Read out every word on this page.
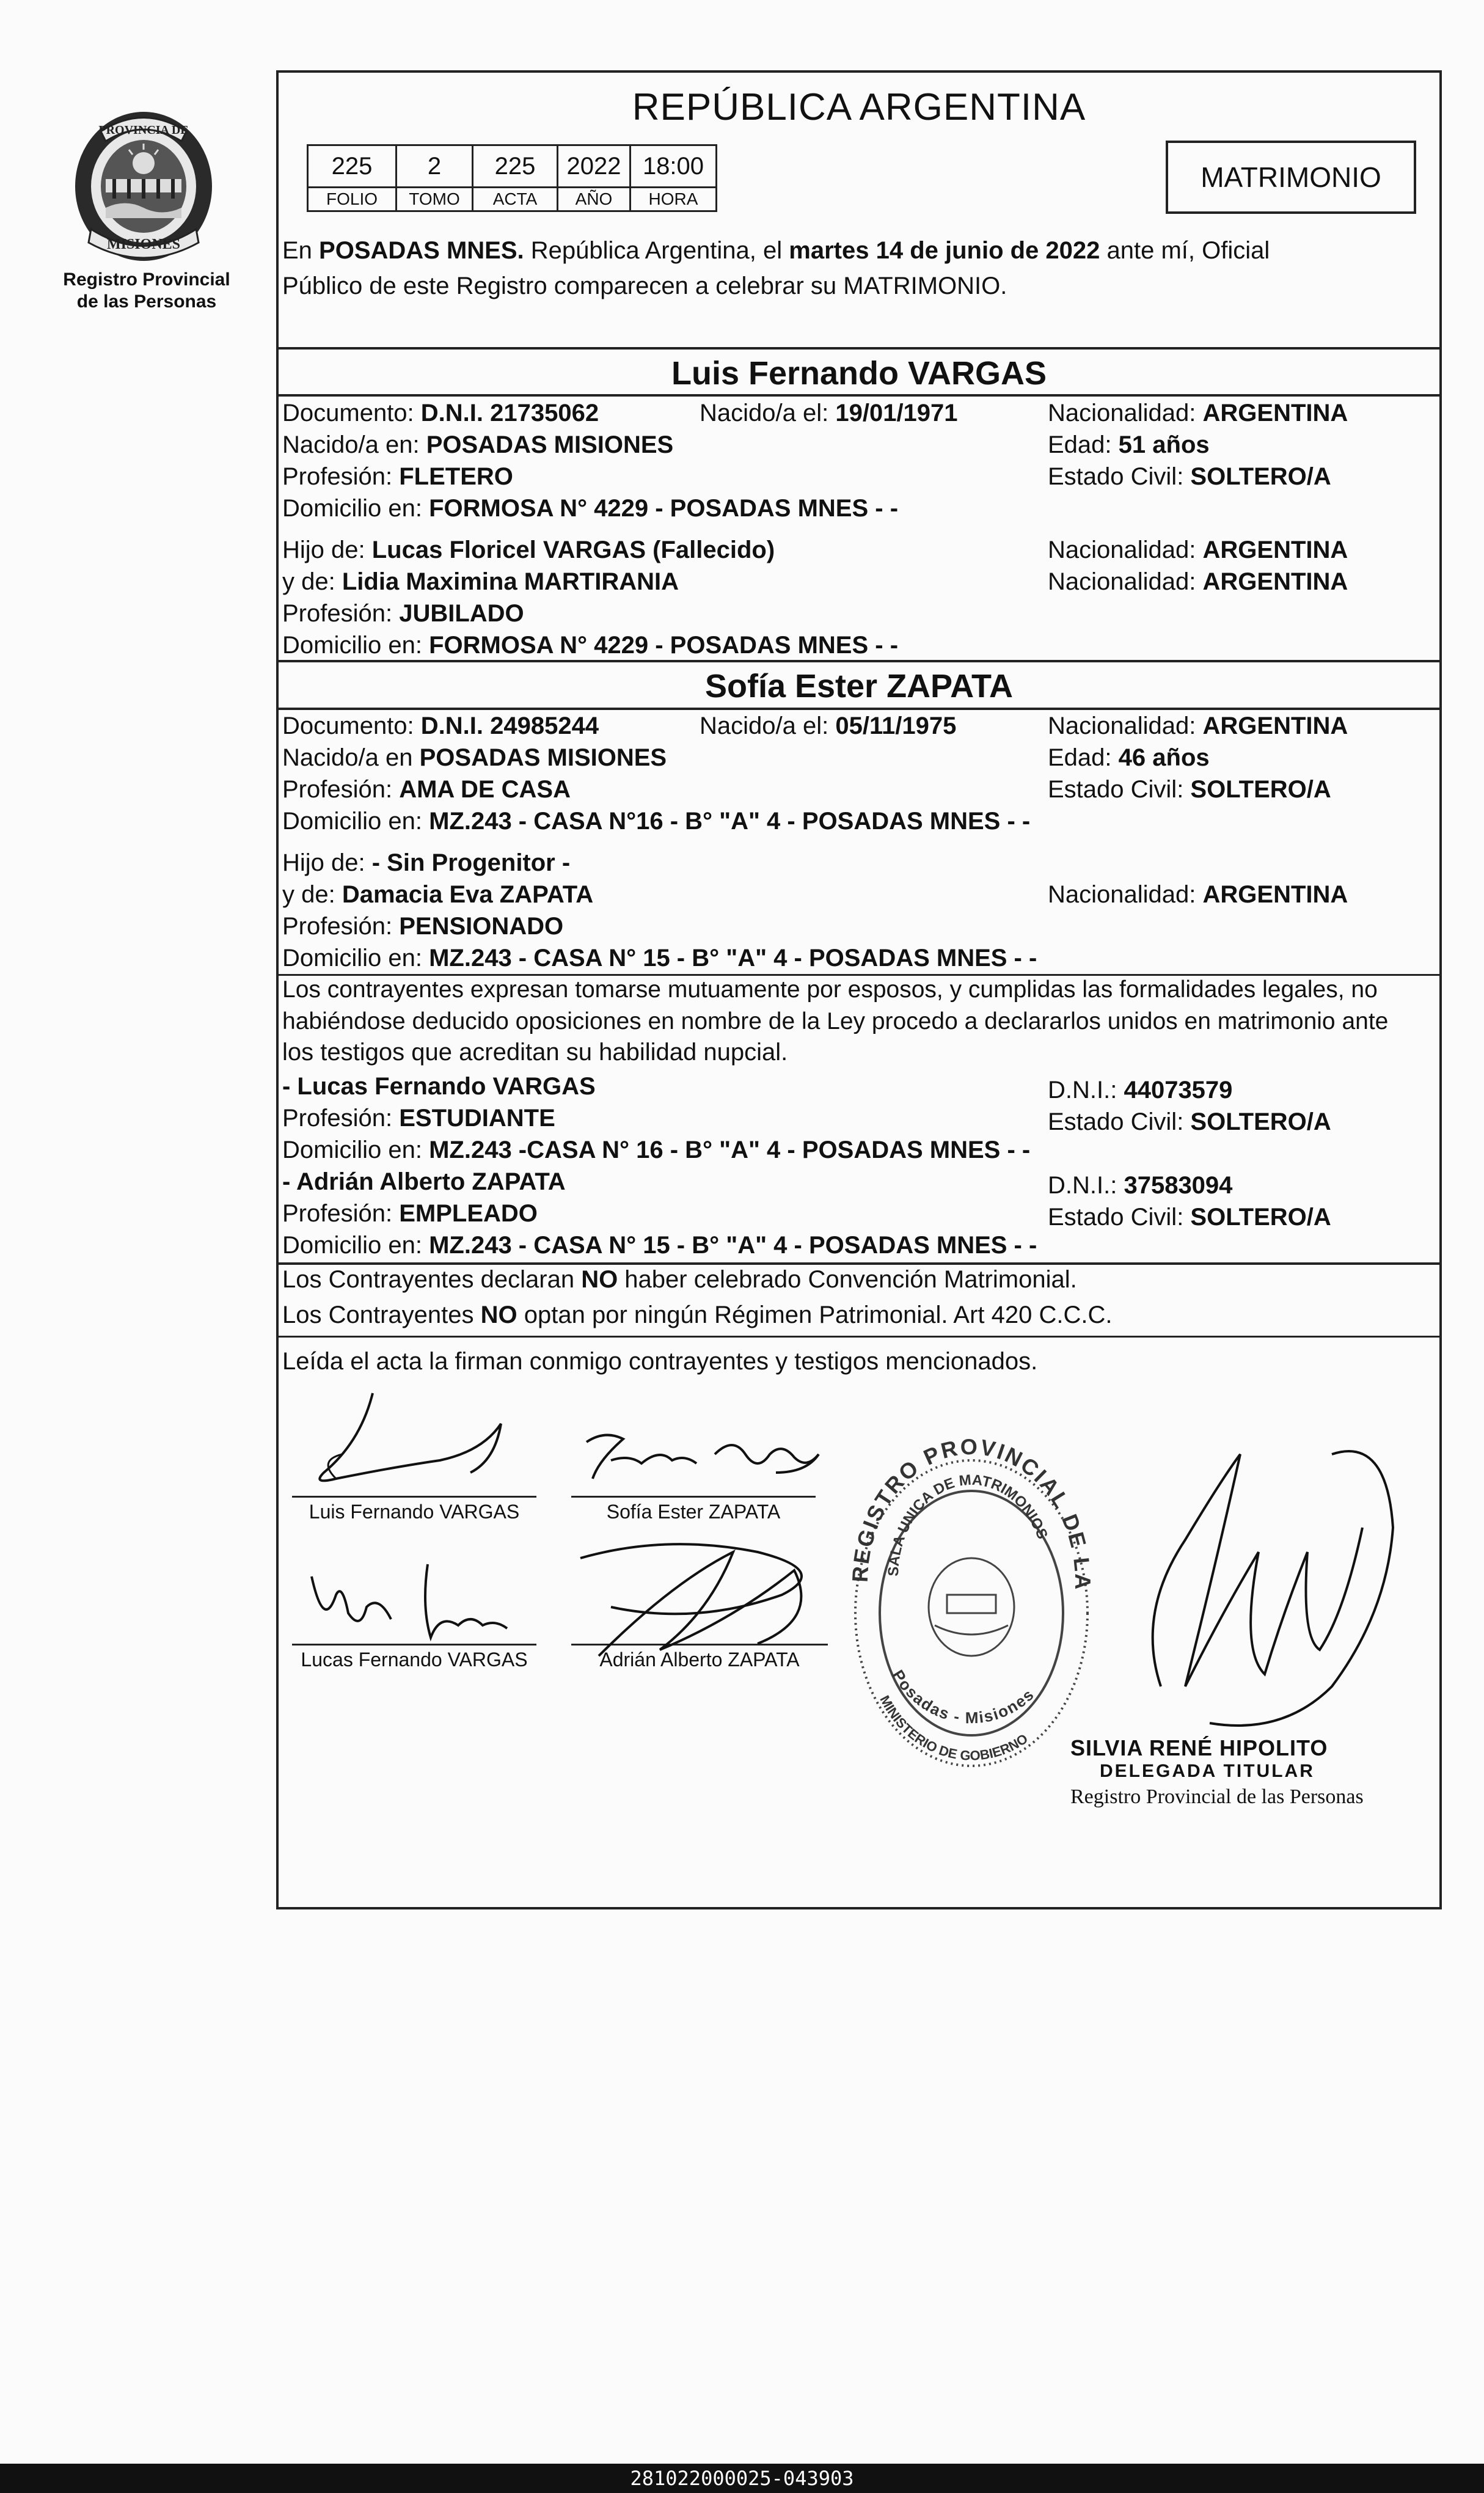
PROVINCIA DE
MISIONES
Registro Provincial
de las Personas
REPÚBLICA ARGENTINA
225	2	225	2022	18:00
FOLIO	TOMO	ACTA	AÑO	HORA
MATRIMONIO
En POSADAS MNES. República Argentina, el martes 14 de junio de 2022 ante mí, Oficial
Público de este Registro comparecen a celebrar su MATRIMONIO.
Luis Fernando VARGAS
Documento: D.N.I. 21735062	Nacido/a el: 19/01/1971	Nacionalidad: ARGENTINA
Nacido/a en: POSADAS MISIONES	Edad: 51 años
Profesión: FLETERO	Estado Civil: SOLTERO/A
Domicilio en: FORMOSA N° 4229 - POSADAS MNES - -
Hijo de: Lucas Floricel VARGAS (Fallecido)	Nacionalidad: ARGENTINA
y de: Lidia Maximina MARTIRANIA	Nacionalidad: ARGENTINA
Profesión: JUBILADO
Domicilio en: FORMOSA N° 4229 - POSADAS MNES - -
Sofía Ester ZAPATA
Documento: D.N.I. 24985244	Nacido/a el: 05/11/1975	Nacionalidad: ARGENTINA
Nacido/a en POSADAS MISIONES	Edad: 46 años
Profesión: AMA DE CASA	Estado Civil: SOLTERO/A
Domicilio en: MZ.243 - CASA N°16 - B° "A" 4 - POSADAS MNES - -
Hijo de: - Sin Progenitor -
y de: Damacia Eva ZAPATA	Nacionalidad: ARGENTINA
Profesión: PENSIONADO
Domicilio en: MZ.243 - CASA N° 15 - B° "A" 4 - POSADAS MNES - -
Los contrayentes expresan tomarse mutuamente por esposos, y cumplidas las formalidades legales, no
habiéndose deducido oposiciones en nombre de la Ley procedo a declararlos unidos en matrimonio ante
los testigos que acreditan su habilidad nupcial.
- Lucas Fernando VARGAS	D.N.I.: 44073579
Profesión: ESTUDIANTE	Estado Civil: SOLTERO/A
Domicilio en: MZ.243 -CASA N° 16 - B° "A" 4 - POSADAS MNES - -
- Adrián Alberto ZAPATA	D.N.I.: 37583094
Profesión: EMPLEADO	Estado Civil: SOLTERO/A
Domicilio en: MZ.243 - CASA N° 15 - B° "A" 4 - POSADAS MNES - -
Los Contrayentes declaran NO haber celebrado Convención Matrimonial.
Los Contrayentes NO optan por ningún Régimen Patrimonial. Art 420 C.C.C.
Leída el acta la firman conmigo contrayentes y testigos mencionados.
Luis Fernando VARGAS	Sofía Ester ZAPATA
Lucas Fernando VARGAS	Adrián Alberto ZAPATA
REGISTRO PROVINCIAL DE LAS PERSONAS
SALA UNICA DE MATRIMONIOS
Posadas - Misiones
MINISTERIO DE GOBIERNO SILVIA RENÉ HIPOLITO
DELEGADA TITULAR
Registro Provincial de las Personas
281022000025-043903
